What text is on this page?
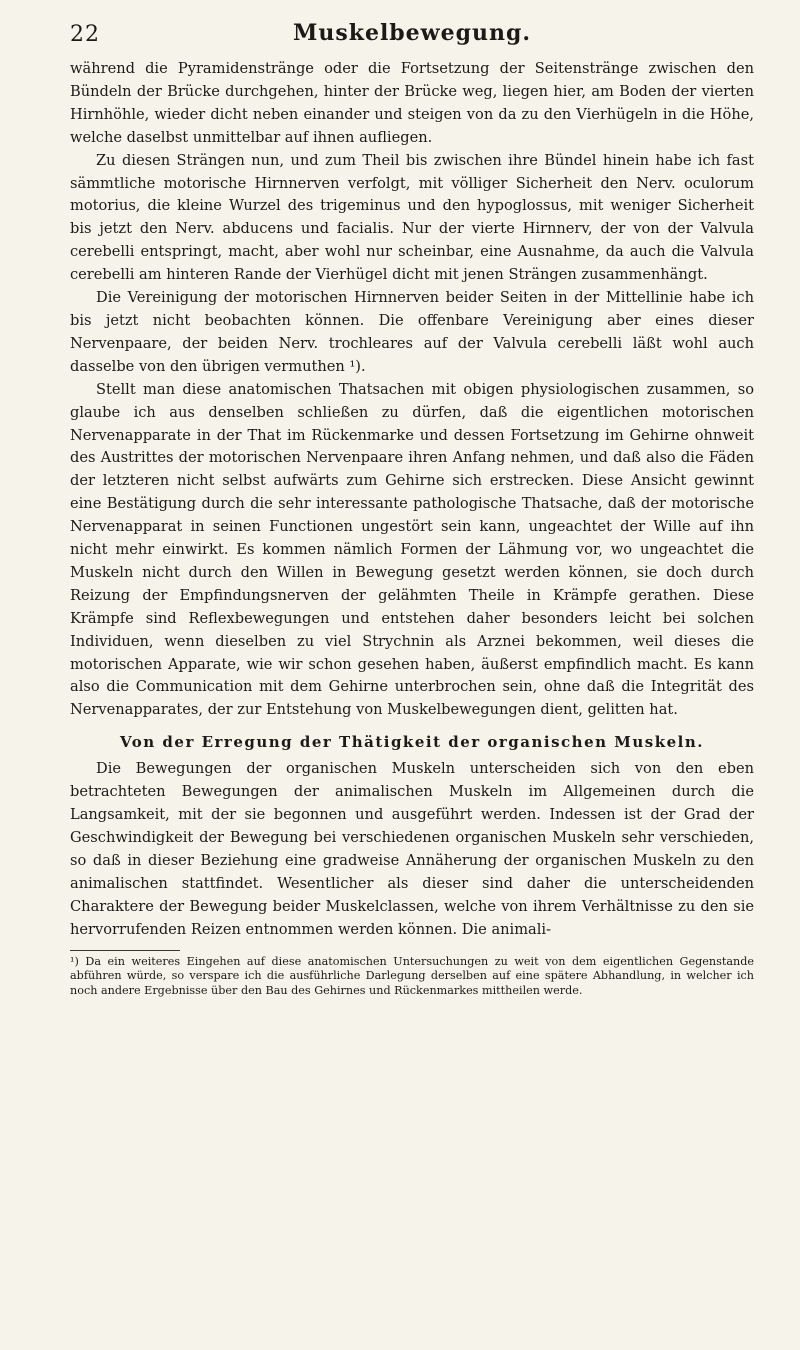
22	Muskelbewegung.

während die Pyramidenstränge oder die Fortsetzung der Seitenstränge zwischen den Bündeln der Brücke durchgehen, hinter der Brücke weg, liegen hier, am Boden der vierten Hirnhöhle, wieder dicht neben einander und steigen von da zu den Vierhügeln in die Höhe, welche daselbst unmittelbar auf ihnen aufliegen.

Zu diesen Strängen nun, und zum Theil bis zwischen ihre Bündel hinein habe ich fast sämmtliche motorische Hirnnerven verfolgt, mit völliger Sicherheit den Nerv. oculorum motorius, die kleine Wurzel des trigeminus und den hypoglossus, mit weniger Sicherheit bis jetzt den Nerv. abducens und facialis. Nur der vierte Hirnnerv, der von der Valvula cerebelli entspringt, macht, aber wohl nur scheinbar, eine Ausnahme, da auch die Valvula cerebelli am hinteren Rande der Vierhügel dicht mit jenen Strängen zusammenhängt.

Die Vereinigung der motorischen Hirnnerven beider Seiten in der Mittellinie habe ich bis jetzt nicht beobachten können. Die offenbare Vereinigung aber eines dieser Nervenpaare, der beiden Nerv. trochleares auf der Valvula cerebelli läßt wohl auch dasselbe von den übrigen vermuthen ¹).

Stellt man diese anatomischen Thatsachen mit obigen physiologischen zusammen, so glaube ich aus denselben schließen zu dürfen, daß die eigentlichen motorischen Nervenapparate in der That im Rückenmarke und dessen Fortsetzung im Gehirne ohnweit des Austrittes der motorischen Nervenpaare ihren Anfang nehmen, und daß also die Fäden der letzteren nicht selbst aufwärts zum Gehirne sich erstrecken. Diese Ansicht gewinnt eine Bestätigung durch die sehr interessante pathologische Thatsache, daß der motorische Nervenapparat in seinen Functionen ungestört sein kann, ungeachtet der Wille auf ihn nicht mehr einwirkt. Es kommen nämlich Formen der Lähmung vor, wo ungeachtet die Muskeln nicht durch den Willen in Bewegung gesetzt werden können, sie doch durch Reizung der Empfindungsnerven der gelähmten Theile in Krämpfe gerathen. Diese Krämpfe sind Reflexbewegungen und entstehen daher besonders leicht bei solchen Individuen, wenn dieselben zu viel Strychnin als Arznei bekommen, weil dieses die motorischen Apparate, wie wir schon gesehen haben, äußerst empfindlich macht. Es kann also die Communication mit dem Gehirne unterbrochen sein, ohne daß die Integrität des Nervenapparates, der zur Entstehung von Muskelbewegungen dient, gelitten hat.

Von der Erregung der Thätigkeit der organischen Muskeln.

Die Bewegungen der organischen Muskeln unterscheiden sich von den eben betrachteten Bewegungen der animalischen Muskeln im Allgemeinen durch die Langsamkeit, mit der sie begonnen und ausgeführt werden. Indessen ist der Grad der Geschwindigkeit der Bewegung bei verschiedenen organischen Muskeln sehr verschieden, so daß in dieser Beziehung eine gradweise Annäherung der organischen Muskeln zu den animalischen stattfindet. Wesentlicher als dieser sind daher die unterscheidenden Charaktere der Bewegung beider Muskelclassen, welche von ihrem Verhältnisse zu den sie hervorrufenden Reizen entnommen werden können. Die animali-

¹) Da ein weiteres Eingehen auf diese anatomischen Untersuchungen zu weit von dem eigentlichen Gegenstande abführen würde, so verspare ich die ausführliche Darlegung derselben auf eine spätere Abhandlung, in welcher ich noch andere Ergebnisse über den Bau des Gehirnes und Rückenmarkes mittheilen werde.
